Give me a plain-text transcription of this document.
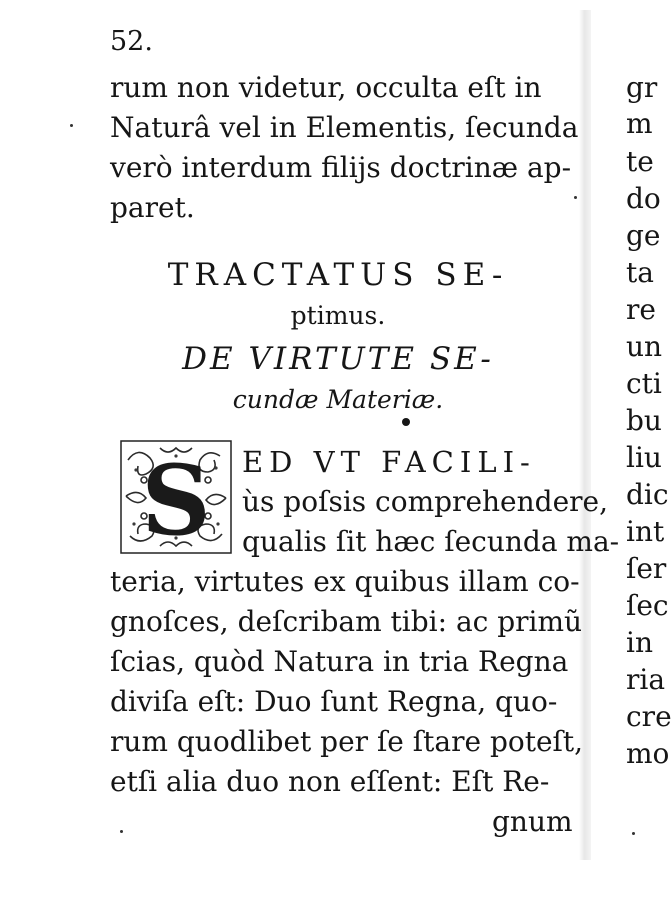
52.
rum non videtur, occulta eſt in
Naturâ vel in Elementis, ſecunda
verò interdum filijs doctrinæ ap-
paret.
TRACTATUS SE-
ptimus.
DE VIRTUTE SE-
cundæ Materiæ.
S ED VT FACILI-
ùs poſsis comprehendere,
qualis ſit hæc ſecunda ma-
teria, virtutes ex quibus illam co-
gnoſces, deſcribam tibi: ac primũ
ſcias, quòd Natura in tria Regna
diviſa eſt: Duo ſunt Regna, quo-
rum quodlibet per ſe ſtare poteſt,
etſi alia duo non eſſent: Eſt Re-
gnum
gr
m
te
do
ge
ta
re
un
cti
bu
liu
dic
int
ſer
ſec
in
ria
cre
mo
